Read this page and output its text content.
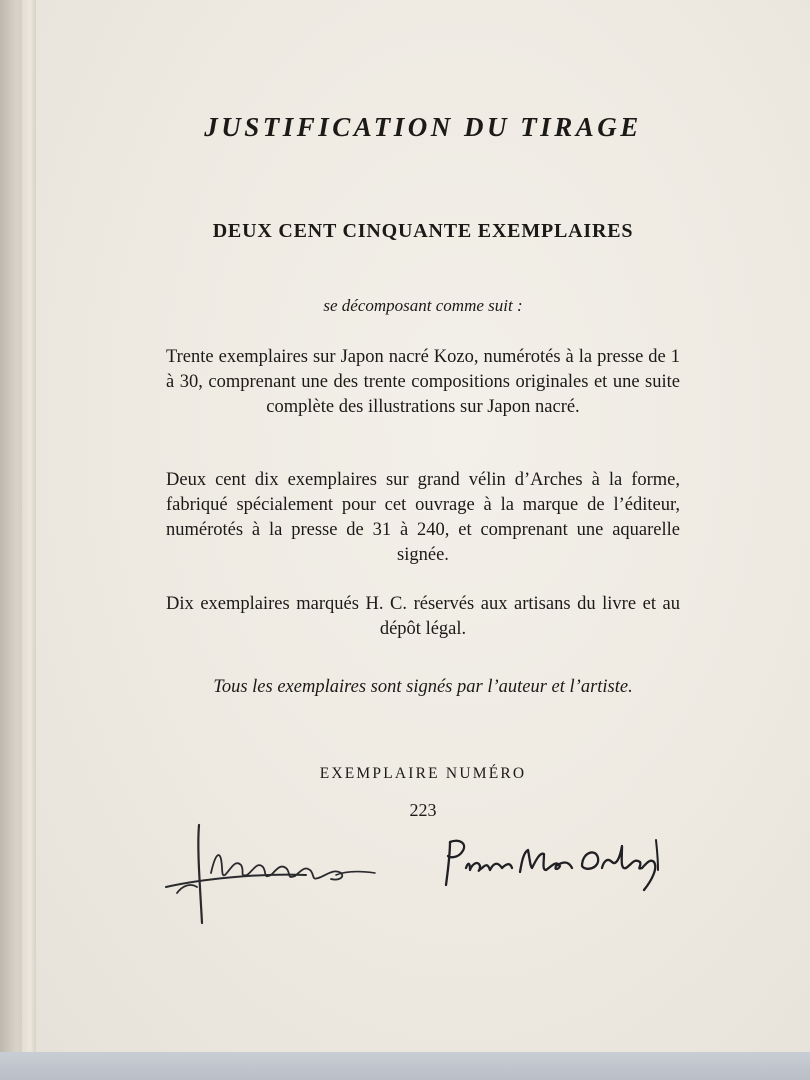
JUSTIFICATION DU TIRAGE
DEUX CENT CINQUANTE EXEMPLAIRES

se décomposant comme suit :

Trente exemplaires sur Japon nacré Kozo, numérotés à la presse de 1 à 30, comprenant une des trente compositions originales et une suite complète des illustrations sur Japon nacré.

Deux cent dix exemplaires sur grand vélin d’Arches à la forme, fabriqué spécialement pour cet ouvrage à la marque de l’éditeur, numérotés à la presse de 31 à 240, et comprenant une aquarelle signée.

Dix exemplaires marqués H. C. réservés aux artisans du livre et au dépôt légal.

Tous les exemplaires sont signés par l’auteur et l’artiste.

EXEMPLAIRE NUMÉRO

223
